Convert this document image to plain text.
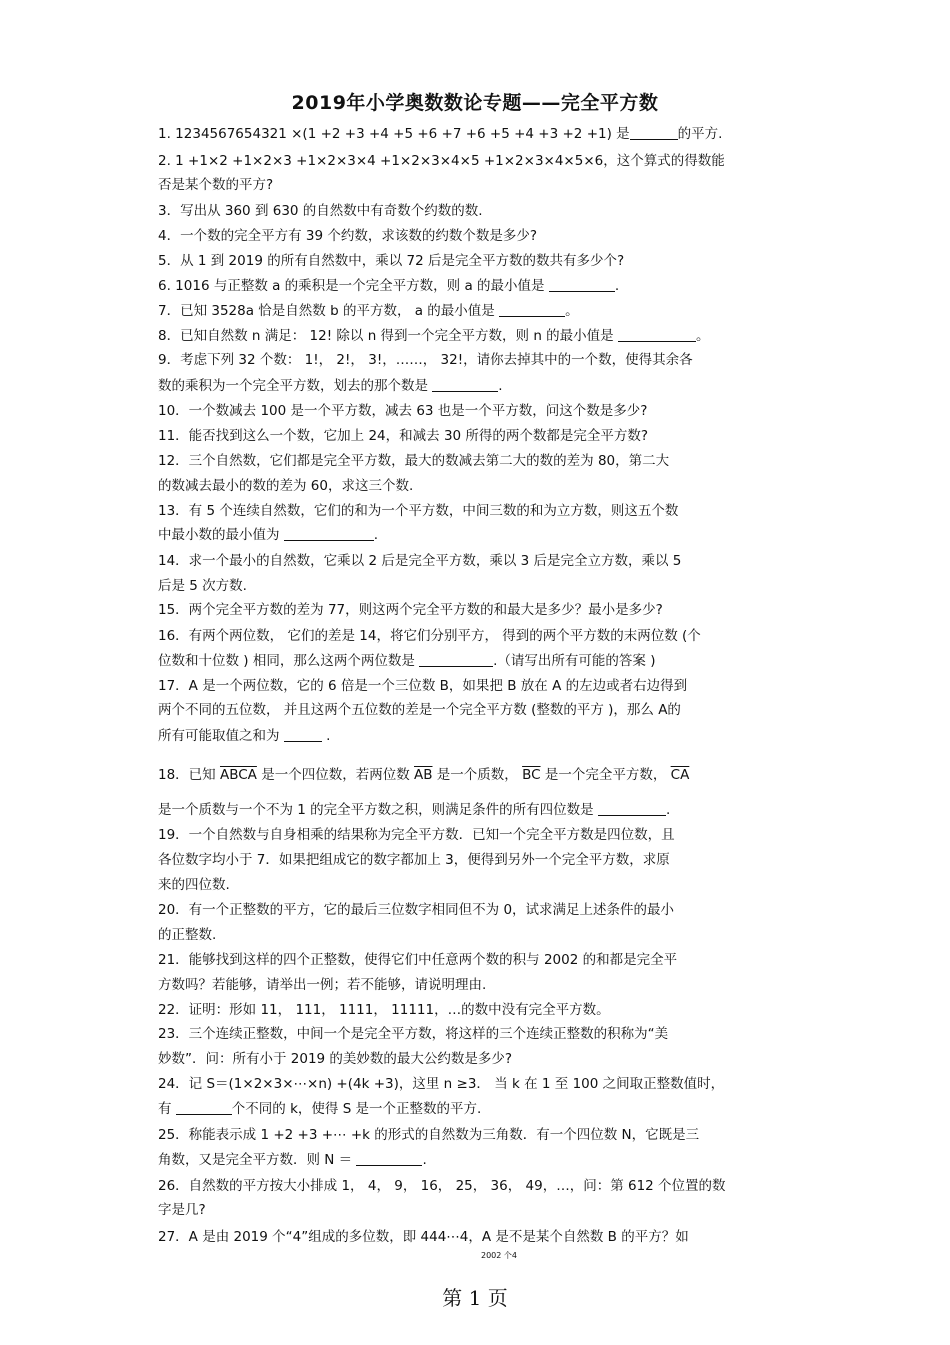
2019年小学奥数数论专题——完全平方数
1. 1234567654321 ×(1 +2 +3 +4 +5 +6 +7 +6 +5 +4 +3 +2 +1) 是	的平方.
2. 1 +1×2 +1×2×3 +1×2×3×4 +1×2×3×4×5 +1×2×3×4×5×6，这个算式的得数能
否是某个数的平方?
3．写出从 360 到 630 的自然数中有奇数个约数的数.
4．一个数的完全平方有 39 个约数，求该数的约数个数是多少?
5．从 1 到 2019 的所有自然数中，乘以 72 后是完全平方数的数共有多少个?
6. 1016 与正整数 a 的乘积是一个完全平方数，则 a 的最小值是	.
7．已知 3528a 恰是自然数 b 的平方数， a 的最小值是	。
8．已知自然数 n 满足： 12! 除以 n 得到一个完全平方数，则 n 的最小值是	。
9．考虑下列 32 个数： 1!， 2!， 3!，……， 32!，请你去掉其中的一个数，使得其余各
数的乘积为一个完全平方数，划去的那个数是	.
10．一个数减去 100 是一个平方数，减去 63 也是一个平方数，问这个数是多少?
11．能否找到这么一个数，它加上 24，和减去 30 所得的两个数都是完全平方数?
12．三个自然数，它们都是完全平方数，最大的数减去第二大的数的差为 80，第二大
的数减去最小的数的差为 60，求这三个数.
13．有 5 个连续自然数，它们的和为一个平方数，中间三数的和为立方数，则这五个数
中最小数的最小值为	.
14．求一个最小的自然数，它乘以 2 后是完全平方数，乘以 3 后是完全立方数，乘以 5
后是 5 次方数.
15．两个完全平方数的差为 77，则这两个完全平方数的和最大是多少？最小是多少?
16．有两个两位数， 它们的差是 14，将它们分别平方， 得到的两个平方数的末两位数 (个
位数和十位数 ) 相同，那么这两个两位数是	.（请写出所有可能的答案 )
17．A 是一个两位数，它的 6 倍是一个三位数 B，如果把 B 放在 A 的左边或者右边得到
两个不同的五位数， 并且这两个五位数的差是一个完全平方数 (整数的平方 )，那么 A的
所有可能取值之和为	.
18．已知 ABCA 是一个四位数，若两位数 $\overline{AB}$ 是一个质数， $\overline{BC}$ 是一个完全平方数， $\overline{CA}$
是一个质数与一个不为 1 的完全平方数之积，则满足条件的所有四位数是	.
19．一个自然数与自身相乘的结果称为完全平方数．已知一个完全平方数是四位数，且
各位数字均小于 7．如果把组成它的数字都加上 3，便得到另外一个完全平方数，求原
来的四位数.
20．有一个正整数的平方，它的最后三位数字相同但不为 0，试求满足上述条件的最小
的正整数.
21．能够找到这样的四个正整数，使得它们中任意两个数的积与 2002 的和都是完全平
方数吗？若能够，请举出一例；若不能够，请说明理由.
22．证明：形如 11， 111， 1111， 11111，…的数中没有完全平方数。
23．三个连续正整数，中间一个是完全平方数，将这样的三个连续正整数的积称为“美
妙数”．问：所有小于 2019 的美妙数的最大公约数是多少?
24．记 S＝(1×2×3×⋯×n) +(4k +3)，这里 n ≥3． 当 k 在 1 至 100 之间取正整数值时，
有	个不同的 k，使得 S 是一个正整数的平方.
25．称能表示成 1 +2 +3 +⋯ +k 的形式的自然数为三角数．有一个四位数 N，它既是三
角数，又是完全平方数．则 N ＝	.
26．自然数的平方按大小排成 1， 4， 9， 16， 25， 36， 49，…，问：第 612 个位置的数
字是几?
27．A 是由 2019 个“4”组成的多位数，即 444⋯4，A 是不是某个自然数 B 的平方？如
2002 个4
第 1 页
